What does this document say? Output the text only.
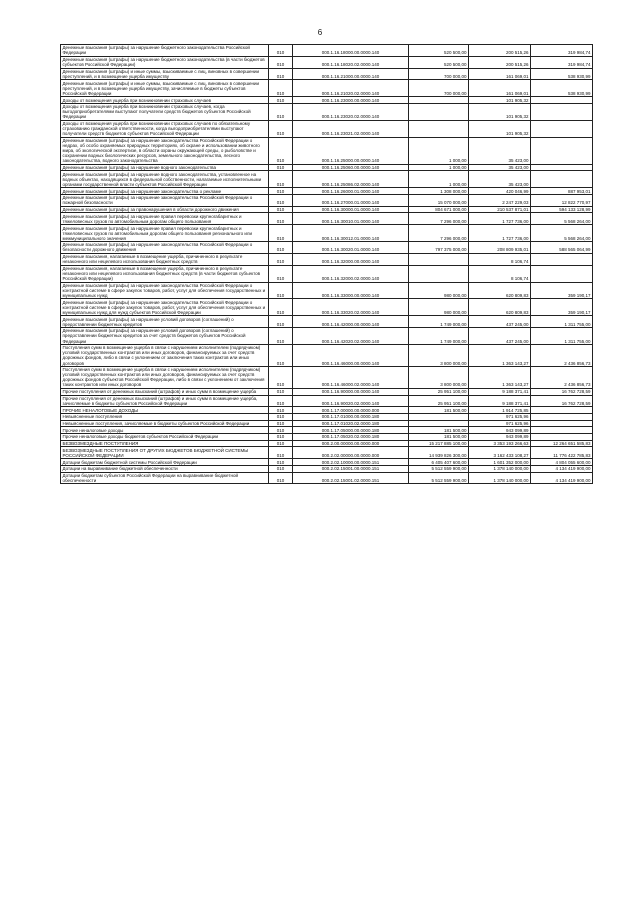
6
Денежные взыскания (штрафы) за нарушение бюджетного законодательства Российской Федерации	010	000.1.16.18000.00.0000.140	520 500,00	200 515,26	319 984,74
Денежные взыскания (штрафы) за нарушение бюджетного законодательства (в части бюджетов субъектов Российской Федерации)	010	000.1.16.18020.02.0000.140	520 500,00	200 515,26	319 984,74
Денежные взыскания (штрафы) и иные суммы, взыскиваемые с лиц, виновных в совершении преступлений, и в возмещение ущерба имуществу	010	000.1.16.21000.00.0000.140	700 000,00	161 069,01	538 930,99
Денежные взыскания (штрафы) и иные суммы, взыскиваемые с лиц, виновных в совершении преступлений, и в возмещение ущерба имуществу, зачисляемые в бюджеты субъектов Российской Федерации	010	000.1.16.21020.02.0000.140	700 000,00	161 069,01	538 930,99
Доходы от возмещения ущерба при возникновении страховых случаев	010	000.1.16.23000.00.0000.140		101 905,32	
Доходы от возмещения ущерба при возникновении страховых случаев, когда выгодоприобретателями выступают получатели средств бюджетов субъектов Российской Федерации	010	000.1.16.23020.02.0000.140		101 905,32	
Доходы от возмещения ущерба при возникновении страховых случаев по обязательному страхованию гражданской ответственности, когда выгодоприобретателями выступают получатели средств бюджетов субъектов Российской Федерации	010	000.1.16.23021.02.0000.140		101 905,32	
Денежные взыскания (штрафы) за нарушение законодательства Российской Федерации о недрах, об особо охраняемых природных территориях, об охране и использовании животного мира, об экологической экспертизе, в области охраны окружающей среды, о рыболовстве и сохранении водных биологических ресурсов, земельного законодательства, лесного законодательства, водного законодательства	010	000.1.16.25000.00.0000.140	1 000,00	35 423,00	
Денежные взыскания (штрафы) за нарушение водного законодательства	010	000.1.16.25060.00.0000.140	1 000,00	35 423,00	
Денежные взыскания (штрафы) за нарушение водного законодательства, установленное на водных объектах, находящихся в федеральной собственности, налагаемые исполнительными органами государственной власти субъектов Российской Федерации	010	000.1.16.25086.02.0000.140	1 000,00	35 423,00	
Денежные взыскания (штрафы) за нарушение законодательства о рекламе	010	000.1.16.26000.01.0000.140	1 308 000,00	420 046,99	887 953,01
Денежные взыскания (штрафы) за нарушение законодательства Российской Федерации о пожарной безопасности	010	000.1.16.27000.01.0000.140	15 070 000,00	2 247 229,03	12 822 770,97
Денежные взыскания (штрафы) за правонарушения в области дорожного движения	010	000.1.16.30000.01.0000.140	804 671 000,00	210 537 871,01	594 133 128,99
Денежные взыскания (штрафы) за нарушение правил перевозки крупногабаритных и тяжеловесных грузов по автомобильным дорогам общего пользования	010	000.1.16.30010.01.0000.140	7 296 000,00	1 727 736,00	5 568 264,00
Денежные взыскания (штрафы) за нарушение правил перевозки крупногабаритных и тяжеловесных грузов по автомобильным дорогам общего пользования регионального или межмуниципального значения	010	000.1.16.30012.01.0000.140	7 296 000,00	1 727 736,00	5 568 264,00
Денежные взыскания (штрафы) за нарушение законодательства Российской Федерации о безопасности дорожного движения	010	000.1.16.30020.01.0000.140	797 375 000,00	208 809 935,01	588 565 064,99
Денежные взыскания, налагаемые в возмещение ущерба, причиненного в результате незаконного или нецелевого использования бюджетных средств	010	000.1.16.32000.00.0000.140		8 106,74	
Денежные взыскания, налагаемые в возмещение ущерба, причиненного в результате незаконного или нецелевого использования бюджетных средств (в части бюджетов субъектов Российской Федерации)	010	000.1.16.32000.02.0000.140		8 106,74	
Денежные взыскания (штрафы) за нарушение законодательства Российской Федерации о контрактной системе в сфере закупок товаров, работ, услуг для обеспечения государственных и муниципальных нужд	010	000.1.16.33000.00.0000.140	980 000,00	620 809,83	359 190,17
Денежные взыскания (штрафы) за нарушение законодательства Российской Федерации о контрактной системе в сфере закупок товаров, работ, услуг для обеспечения государственных и муниципальных нужд для нужд субъектов Российской Федерации	010	000.1.16.33020.02.0000.140	980 000,00	620 809,83	359 190,17
Денежные взыскания (штрафы) за нарушение условий договоров (соглашений) о предоставлении бюджетных кредитов	010	000.1.16.42000.00.0000.140	1 749 000,00	437 245,00	1 311 755,00
Денежные взыскания (штрафы) за нарушение условий договоров (соглашений) о предоставлении бюджетных кредитов за счет средств бюджетов субъектов Российской Федерации	010	000.1.16.42020.02.0000.140	1 749 000,00	437 245,00	1 311 755,00
Поступления сумм в возмещение ущерба в связи с нарушением исполнителем (подрядчиком) условий государственных контрактов или иных договоров, финансируемых за счет средств дорожных фондов, либо в связи с уклонением от заключения таких контрактов или иных договоров	010	000.1.16.46000.00.0000.140	3 800 000,00	1 363 143,27	2 436 856,73
Поступления сумм в возмещение ущерба в связи с нарушением исполнителем (подрядчиком) условий государственных контрактов или иных договоров, финансируемых за счет средств дорожных фондов субъектов Российской Федерации, либо в связи с уклонением от заключения таких контрактов или иных договоров	010	000.1.16.46000.02.0000.140	3 800 000,00	1 363 143,27	2 436 856,73
Прочие поступления от денежных взысканий (штрафов) и иных сумм в возмещение ущерба	010	000.1.16.90000.00.0000.140	25 951 100,00	9 188 371,41	16 762 728,59
Прочие поступления от денежных взысканий (штрафов) и иных сумм в возмещение ущерба, зачисляемые в бюджеты субъектов Российской Федерации	010	000.1.16.90020.02.0000.140	25 951 100,00	9 188 371,41	16 762 728,59
ПРОЧИЕ НЕНАЛОГОВЫЕ ДОХОДЫ	010	000.1.17.00000.00.0000.000	181 500,00	1 914 725,85	
Невыясненные поступления	010	000.1.17.01000.00.0000.180		971 625,96	
Невыясненные поступления, зачисляемые в бюджеты субъектов Российской Федерации	010	000.1.17.01020.02.0000.180		971 625,96	
Прочие неналоговые доходы	010	000.1.17.05000.00.0000.180	181 500,00	943 099,89	
Прочие неналоговые доходы бюджетов субъектов Российской Федерации	010	000.1.17.05020.02.0000.180	181 500,00	943 099,89	
БЕЗВОЗМЕЗДНЫЕ ПОСТУПЛЕНИЯ	010	000.2.00.00000.00.0000.000	15 217 885 100,00	3 353 193 266,63	12 264 651 585,83
БЕЗВОЗМЕЗДНЫЕ ПОСТУПЛЕНИЯ ОТ ДРУГИХ БЮДЖЕТОВ БЮДЖЕТНОЙ СИСТЕМЫ РОССИЙСКОЙ ФЕДЕРАЦИИ	010	000.2.02.00000.00.0000.000	14 939 826 300,00	3 162 433 108,27	11 776 422 785,83
Дотации бюджетам бюджетной системы Российской Федерации	010	000.2.02.10000.00.0000.151	6 405 407 600,00	1 601 352 000,00	4 804 055 600,00
Дотации на выравнивание бюджетной обеспеченности	010	000.2.02.15001.00.0000.151	5 512 559 900,00	1 378 140 000,00	4 134 419 900,00
Дотации бюджетам субъектов Российской Федерации на выравнивание бюджетной обеспеченности	010	000.2.02.15001.02.0000.151	5 512 559 900,00	1 378 140 000,00	4 134 419 900,00
